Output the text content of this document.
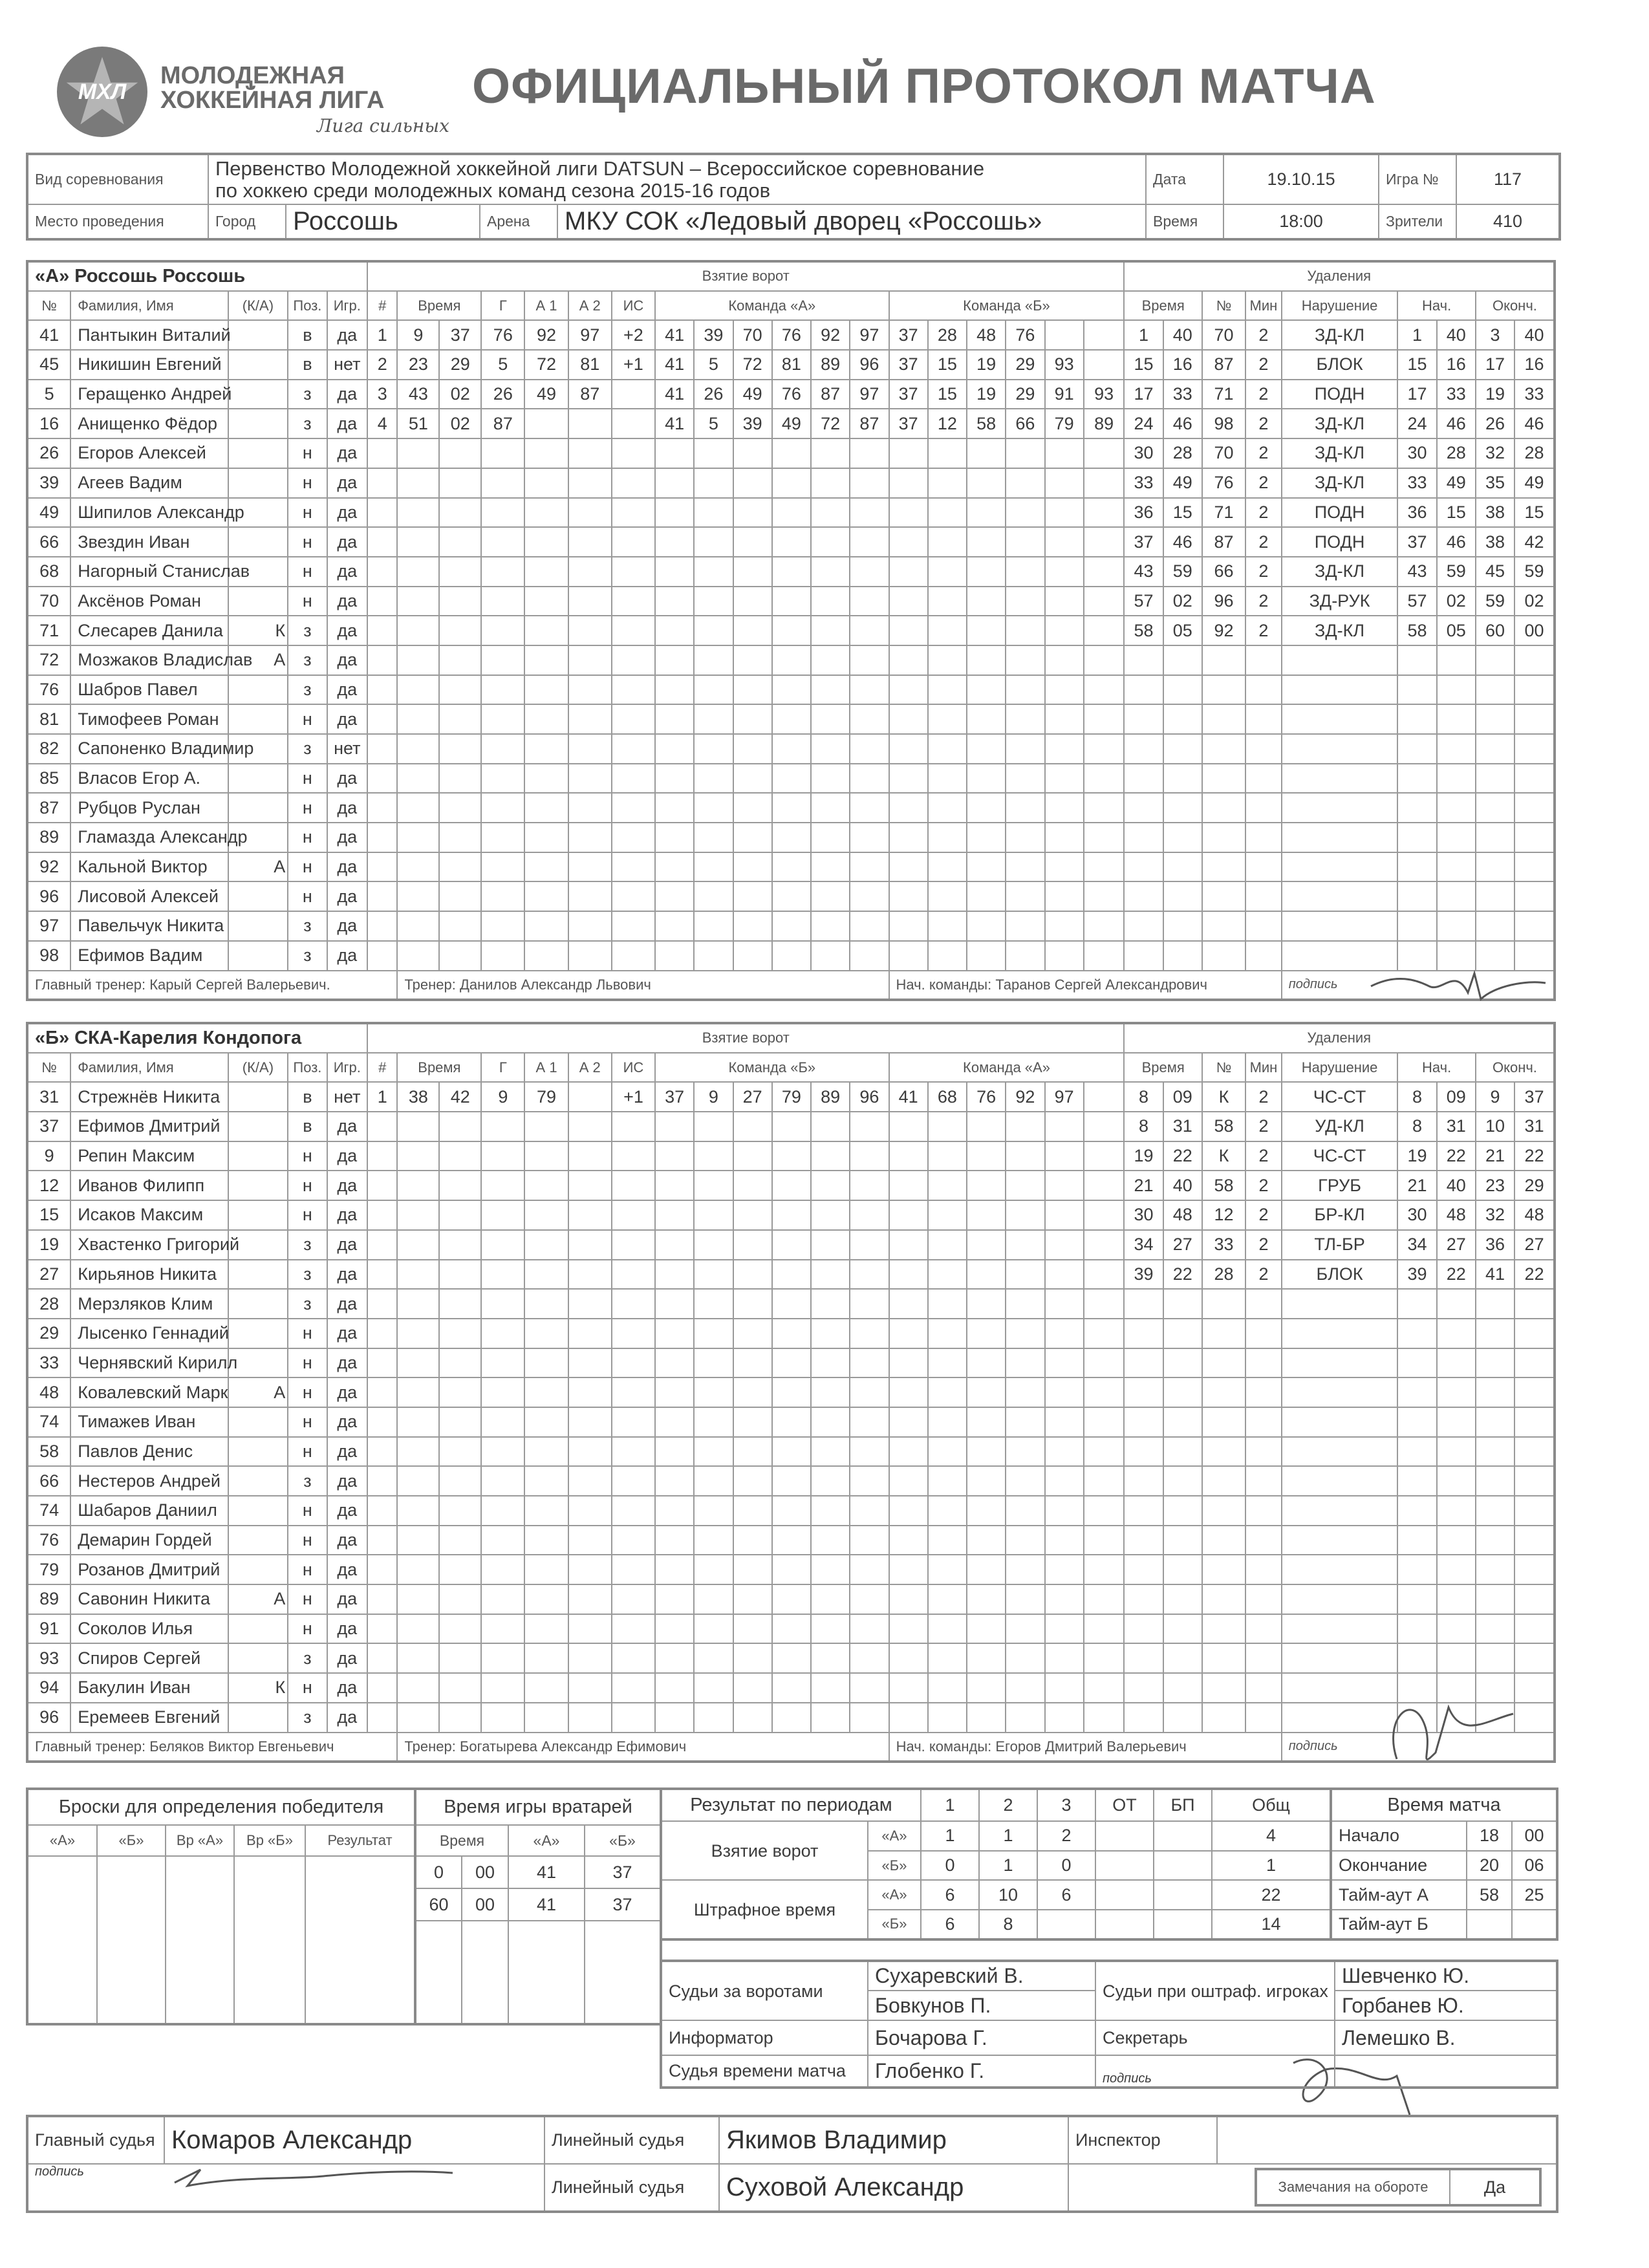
МХЛ
МОЛОДЕЖНАЯ
ХОККЕЙНАЯ ЛИГА
Лига сильных
ОФИЦИАЛЬНЫЙ ПРОТОКОЛ МАТЧА
Вид соревнования	Первенство Молодежной хоккейной лиги DATSUN – Всероссийское соревнование
по хоккею среди молодежных команд сезона 2015-16 годов				Дата	19.10.15	Игра №	117
Место проведения	Город	Россошь	Арена	МКУ СОК «Ледовый дворец «Россошь»	Время	18:00	Зрители	410
«А» Россошь Россошь					Взятие ворот																			Удаления								
№	Фамилия, Имя	(К/А)	Поз.	Игр.	#	Время		Г	А 1	А 2	ИС	Команда «А»						Команда «Б»						Время		№	Мин	Нарушение	Нач.		Оконч.	
41	Пантыкин Виталий		в	да	1	9	37	76	92	97	+2	41	39	70	76	92	97	37	28	48	76			1	40	70	2	ЗД-КЛ	1	40	3	40
45	Никишин Евгений		в	нет	2	23	29	5	72	81	+1	41	5	72	81	89	96	37	15	19	29	93		15	16	87	2	БЛОК	15	16	17	16
5	Геращенко Андрей		з	да	3	43	02	26	49	87		41	26	49	76	87	97	37	15	19	29	91	93	17	33	71	2	ПОДН	17	33	19	33
16	Анищенко Фёдор		з	да	4	51	02	87				41	5	39	49	72	87	37	12	58	66	79	89	24	46	98	2	ЗД-КЛ	24	46	26	46
26	Егоров Алексей		н	да																				30	28	70	2	ЗД-КЛ	30	28	32	28
39	Агеев Вадим		н	да																				33	49	76	2	ЗД-КЛ	33	49	35	49
49	Шипилов Александр		н	да																				36	15	71	2	ПОДН	36	15	38	15
66	Звездин Иван		н	да																				37	46	87	2	ПОДН	37	46	38	42
68	Нагорный Станислав		н	да																				43	59	66	2	ЗД-КЛ	43	59	45	59
70	Аксёнов Роман		н	да																				57	02	96	2	ЗД-РУК	57	02	59	02
71	Слесарев Данила	К	з	да																				58	05	92	2	ЗД-КЛ	58	05	60	00
72	Мозжаков Владислав	А	з	да																												
76	Шабров Павел		з	да																												
81	Тимофеев Роман		н	да																												
82	Сапоненко Владимир		з	нет																												
85	Власов Егор А.		н	да																												
87	Рубцов Руслан		н	да																												
89	Гламазда Александр		н	да																												
92	Кальной Виктор	А	н	да																												
96	Лисовой Алексей		н	да																												
97	Павельчук Никита		з	да																												
98	Ефимов Вадим		з	да																												
Главный тренер: Карый Сергей Валерьевич.						Тренер: Данилов Александр Львович												Нач. команды: Таранов Сергей Александрович										подпись				
«Б» СКА-Карелия Кондопога					Взятие ворот																			Удаления								
№	Фамилия, Имя	(К/А)	Поз.	Игр.	#	Время		Г	А 1	А 2	ИС	Команда «Б»						Команда «А»						Время		№	Мин	Нарушение	Нач.		Оконч.	
31	Стрежнёв Никита		в	нет	1	38	42	9	79		+1	37	9	27	79	89	96	41	68	76	92	97		8	09	К	2	ЧС-СТ	8	09	9	37
37	Ефимов Дмитрий		в	да																				8	31	58	2	УД-КЛ	8	31	10	31
9	Репин Максим		н	да																				19	22	К	2	ЧС-СТ	19	22	21	22
12	Иванов Филипп		н	да																				21	40	58	2	ГРУБ	21	40	23	29
15	Исаков Максим		н	да																				30	48	12	2	БР-КЛ	30	48	32	48
19	Хвастенко Григорий		з	да																				34	27	33	2	ТЛ-БР	34	27	36	27
27	Кирьянов Никита		з	да																				39	22	28	2	БЛОК	39	22	41	22
28	Мерзляков Клим		з	да																												
29	Лысенко Геннадий		н	да																												
33	Чернявский Кирилл		н	да																												
48	Ковалевский Марк	А	н	да																												
74	Тимажев Иван		н	да																												
58	Павлов Денис		н	да																												
66	Нестеров Андрей		з	да																												
74	Шабаров Даниил		н	да																												
76	Демарин Гордей		н	да																												
79	Розанов Дмитрий		н	да																												
89	Савонин Никита	А	н	да																												
91	Соколов Илья		н	да																												
93	Спиров Сергей		з	да																												
94	Бакулин Иван	К	н	да																												
96	Еремеев Евгений		з	да																												
Главный тренер: Беляков Виктор Евгеньевич						Тренер: Богатырева Александр Ефимович												Нач. команды: Егоров Дмитрий Валерьевич										подпись				
Броски для определения победителя				
«А»	«Б»	Вр «А»	Вр «Б»	Результат

Время игры вратарей			
Время		«А»	«Б»
0	00	41	37
60	00	41	37

Результат по периодам		1	2	3	ОТ	БП	Общ
Взятие ворот	«А»	1	1	2			4
	«Б»	0	1	0			1
Штрафное время	«А»	6	10	6			22
	«Б»	6	8				14
Время матча		
Начало	18	00
Окончание	20	06
Тайм-аут А	58	25
Тайм-аут Б		
Судьи за воротами	Сухаревский В.	Судьи при оштраф. игроках	Шевченко Ю.
	Бовкунов П.		Горбанев Ю.
Информатор	Бочарова Г.	Секретарь	Лемешко В.
Судья времени матча	Глобенко Г.	подпись	
Главный судья	Комаров Александр	Линейный судья	Якимов Владимир	Инспектор	
подпись		Линейный судья	Суховой Александр			Замечания на обороте	Да
